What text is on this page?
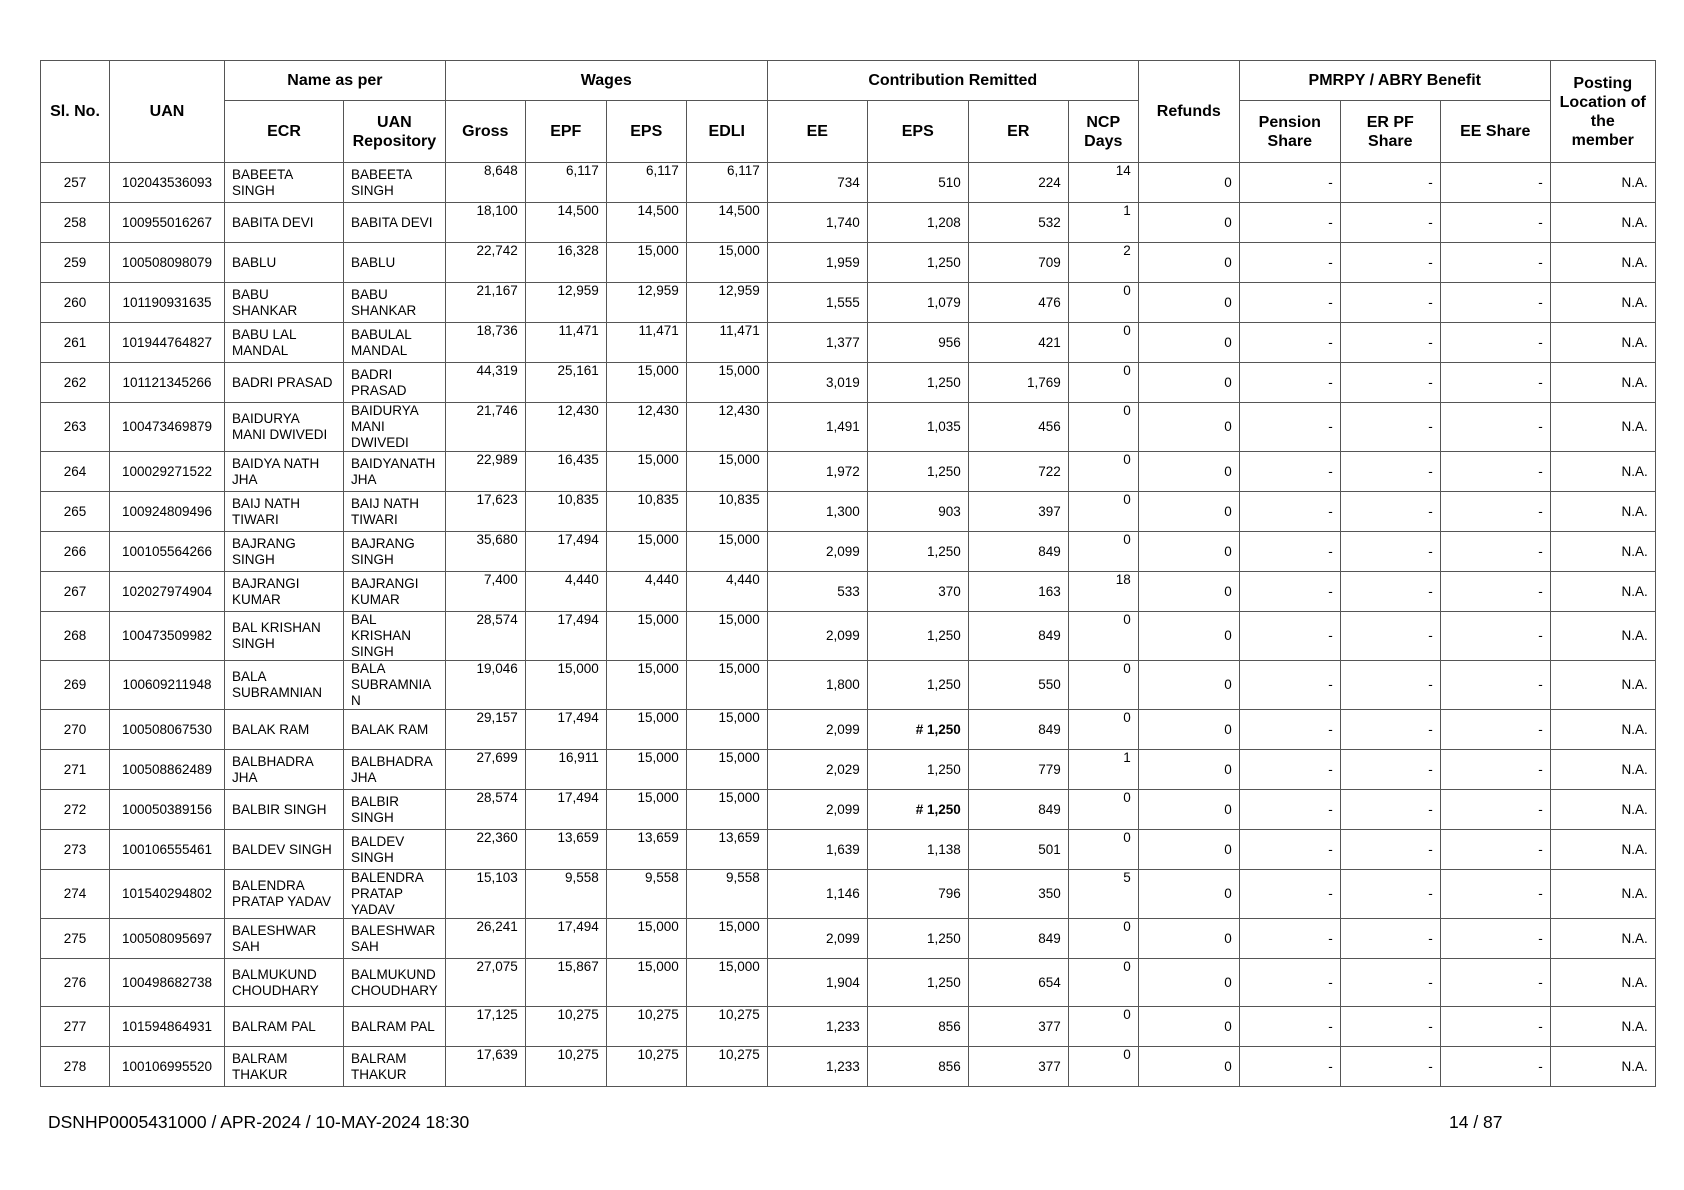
Sl. No.	UAN	Name as per		Wages				Contribution Remitted				Refunds	PMRPY / ABRY Benefit			Posting Location of the member
		ECR	UAN Repository	Gross	EPF	EPS	EDLI	EE	EPS	ER	NCP Days		Pension Share	ER PF Share	EE Share	
257	102043536093	BABEETA SINGH	BABEETA SINGH	8,648	6,117	6,117	6,117	734	510	224	14	0	-	-	-	N.A.
258	100955016267	BABITA DEVI	BABITA DEVI	18,100	14,500	14,500	14,500	1,740	1,208	532	1	0	-	-	-	N.A.
259	100508098079	BABLU	BABLU	22,742	16,328	15,000	15,000	1,959	1,250	709	2	0	-	-	-	N.A.
260	101190931635	BABU SHANKAR	BABU SHANKAR	21,167	12,959	12,959	12,959	1,555	1,079	476	0	0	-	-	-	N.A.
261	101944764827	BABU LAL MANDAL	BABULAL MANDAL	18,736	11,471	11,471	11,471	1,377	956	421	0	0	-	-	-	N.A.
262	101121345266	BADRI PRASAD	BADRI PRASAD	44,319	25,161	15,000	15,000	3,019	1,250	1,769	0	0	-	-	-	N.A.
263	100473469879	BAIDURYA MANI DWIVEDI	BAIDURYA MANI DWIVEDI	21,746	12,430	12,430	12,430	1,491	1,035	456	0	0	-	-	-	N.A.
264	100029271522	BAIDYA NATH JHA	BAIDYANATH JHA	22,989	16,435	15,000	15,000	1,972	1,250	722	0	0	-	-	-	N.A.
265	100924809496	BAIJ NATH TIWARI	BAIJ NATH TIWARI	17,623	10,835	10,835	10,835	1,300	903	397	0	0	-	-	-	N.A.
266	100105564266	BAJRANG SINGH	BAJRANG SINGH	35,680	17,494	15,000	15,000	2,099	1,250	849	0	0	-	-	-	N.A.
267	102027974904	BAJRANGI KUMAR	BAJRANGI KUMAR	7,400	4,440	4,440	4,440	533	370	163	18	0	-	-	-	N.A.
268	100473509982	BAL KRISHAN SINGH	BAL KRISHAN SINGH	28,574	17,494	15,000	15,000	2,099	1,250	849	0	0	-	-	-	N.A.
269	100609211948	BALA SUBRAMNIAN	BALA SUBRAMNIA N	19,046	15,000	15,000	15,000	1,800	1,250	550	0	0	-	-	-	N.A.
270	100508067530	BALAK RAM	BALAK RAM	29,157	17,494	15,000	15,000	2,099	# 1,250	849	0	0	-	-	-	N.A.
271	100508862489	BALBHADRA JHA	BALBHADRA JHA	27,699	16,911	15,000	15,000	2,029	1,250	779	1	0	-	-	-	N.A.
272	100050389156	BALBIR SINGH	BALBIR SINGH	28,574	17,494	15,000	15,000	2,099	# 1,250	849	0	0	-	-	-	N.A.
273	100106555461	BALDEV SINGH	BALDEV SINGH	22,360	13,659	13,659	13,659	1,639	1,138	501	0	0	-	-	-	N.A.
274	101540294802	BALENDRA PRATAP YADAV	BALENDRA PRATAP YADAV	15,103	9,558	9,558	9,558	1,146	796	350	5	0	-	-	-	N.A.
275	100508095697	BALESHWAR SAH	BALESHWAR SAH	26,241	17,494	15,000	15,000	2,099	1,250	849	0	0	-	-	-	N.A.
276	100498682738	BALMUKUND CHOUDHARY	BALMUKUND CHOUDHARY	27,075	15,867	15,000	15,000	1,904	1,250	654	0	0	-	-	-	N.A.
277	101594864931	BALRAM PAL	BALRAM PAL	17,125	10,275	10,275	10,275	1,233	856	377	0	0	-	-	-	N.A.
278	100106995520	BALRAM THAKUR	BALRAM THAKUR	17,639	10,275	10,275	10,275	1,233	856	377	0	0	-	-	-	N.A.
DSNHP0005431000 / APR-2024 / 10-MAY-2024 18:30	14 / 87
